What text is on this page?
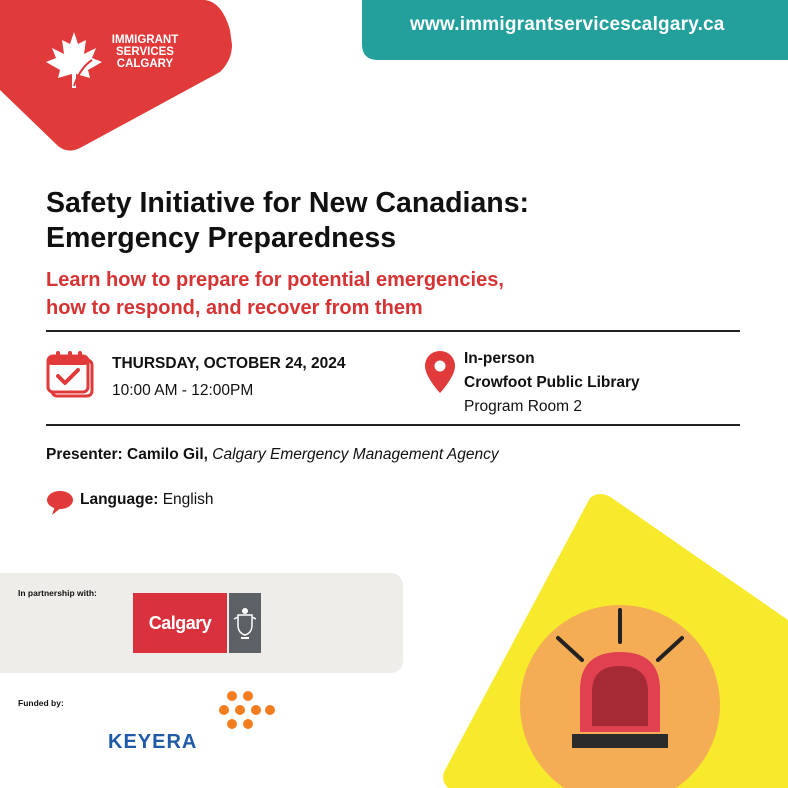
www.immigrantservicescalgary.ca
IMMIGRANT
SERVICES
CALGARY
Safety Initiative for New Canadians:
Emergency Preparedness
Learn how to prepare for potential emergencies,
how to respond, and recover from them
THURSDAY, OCTOBER 24, 2024
10:00 AM - 12:00PM
In-person
Crowfoot Public Library
Program Room 2
Presenter: Camilo Gil, Calgary Emergency Management Agency
Language: English
In partnership with:
Calgary
Funded by:
KEYERA
